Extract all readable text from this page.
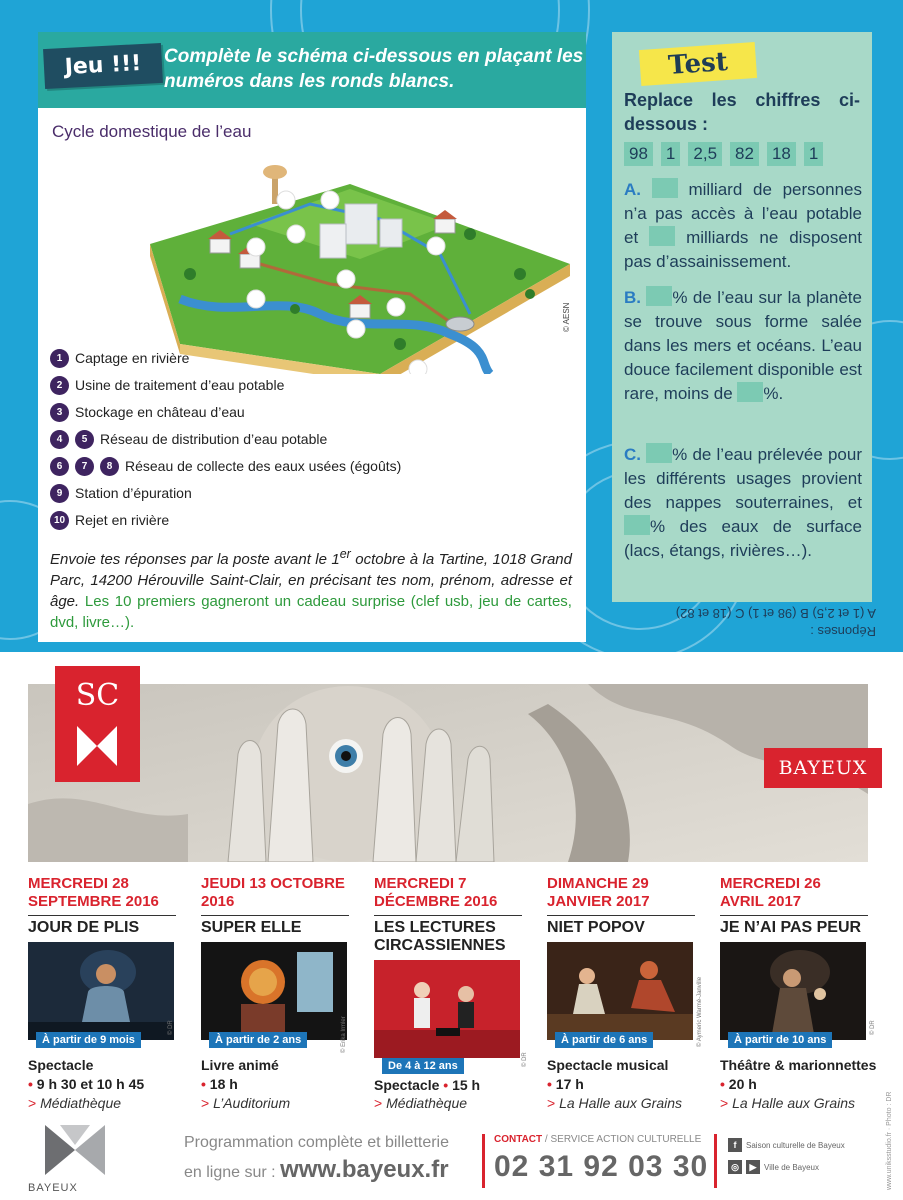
Jeu !!!	Complète le schéma ci-dessous en plaçant les numéros dans les ronds blancs.
Cycle domestique de l’eau
© AESN
1 Captage en rivière
2 Usine de traitement d’eau potable
3 Stockage en château d’eau
4	5 Réseau de distribution d’eau potable
6	7	8 Réseau de collecte des eaux usées (égoûts)
9 Station d’épuration
10 Rejet en rivière
Envoie tes réponses par la poste avant le 1er octobre à la Tartine, 1018 Grand Parc, 14200 Hérouville Saint-Clair, en précisant tes nom, prénom, adresse et âge. Les 10 premiers gagneront un cadeau surprise (clef usb, jeu de cartes, dvd, livre…).
Test
Replace les chiffres ci-dessous :
98 1 2,5 82 18 1
A.	milliard de personnes n’a pas accès à l’eau potable et	milliards ne disposent pas d’assainissement.
B. % de l’eau sur la planète se trouve sous forme salée dans les mers et océans. L’eau douce facilement disponible est rare, moins de %.
C. % de l’eau prélevée pour les différents usages provient des nappes souterraines, et % des eaux de surface (lacs, étangs, rivières…).
Réponses :
A (1 et 2,5) B (98 et 1) C (18 et 82)
SC
BAYEUX
MERCREDI 28 SEPTEMBRE 2016
JOUR DE PLIS
À partir de 9 mois
© DR
Spectacle
• 9 h 30 et 10 h 45
> Médiathèque
JEUDI 13 OCTOBRE 2016
SUPER ELLE
À partir de 2 ans	© Erika Irmler
Livre animé
• 18 h
> L’Auditorium
MERCREDI 7 DÉCEMBRE 2016
LES LECTURES CIRCASSIENNES
De 4 à 12 ans	© DR
Spectacle • 15 h
> Médiathèque
DIMANCHE 29 JANVIER 2017
NIET POPOV
À partir de 6 ans	© Aymeric Warmé-Janville
Spectacle musical
• 17 h
> La Halle aux Grains
MERCREDI 26 AVRIL 2017
JE N’AI PAS PEUR
À partir de 10 ans
© DR
Théâtre & marionnettes • 20 h
> La Halle aux Grains
BAYEUX
Programmation complète et billetterie
en ligne sur : www.bayeux.fr
CONTACT / SERVICE ACTION CULTURELLE
02 31 92 03 30
f	Saison culturelle de Bayeux
◎	▶ Ville de Bayeux	www.uniksstudio.fr · Photo : DR
